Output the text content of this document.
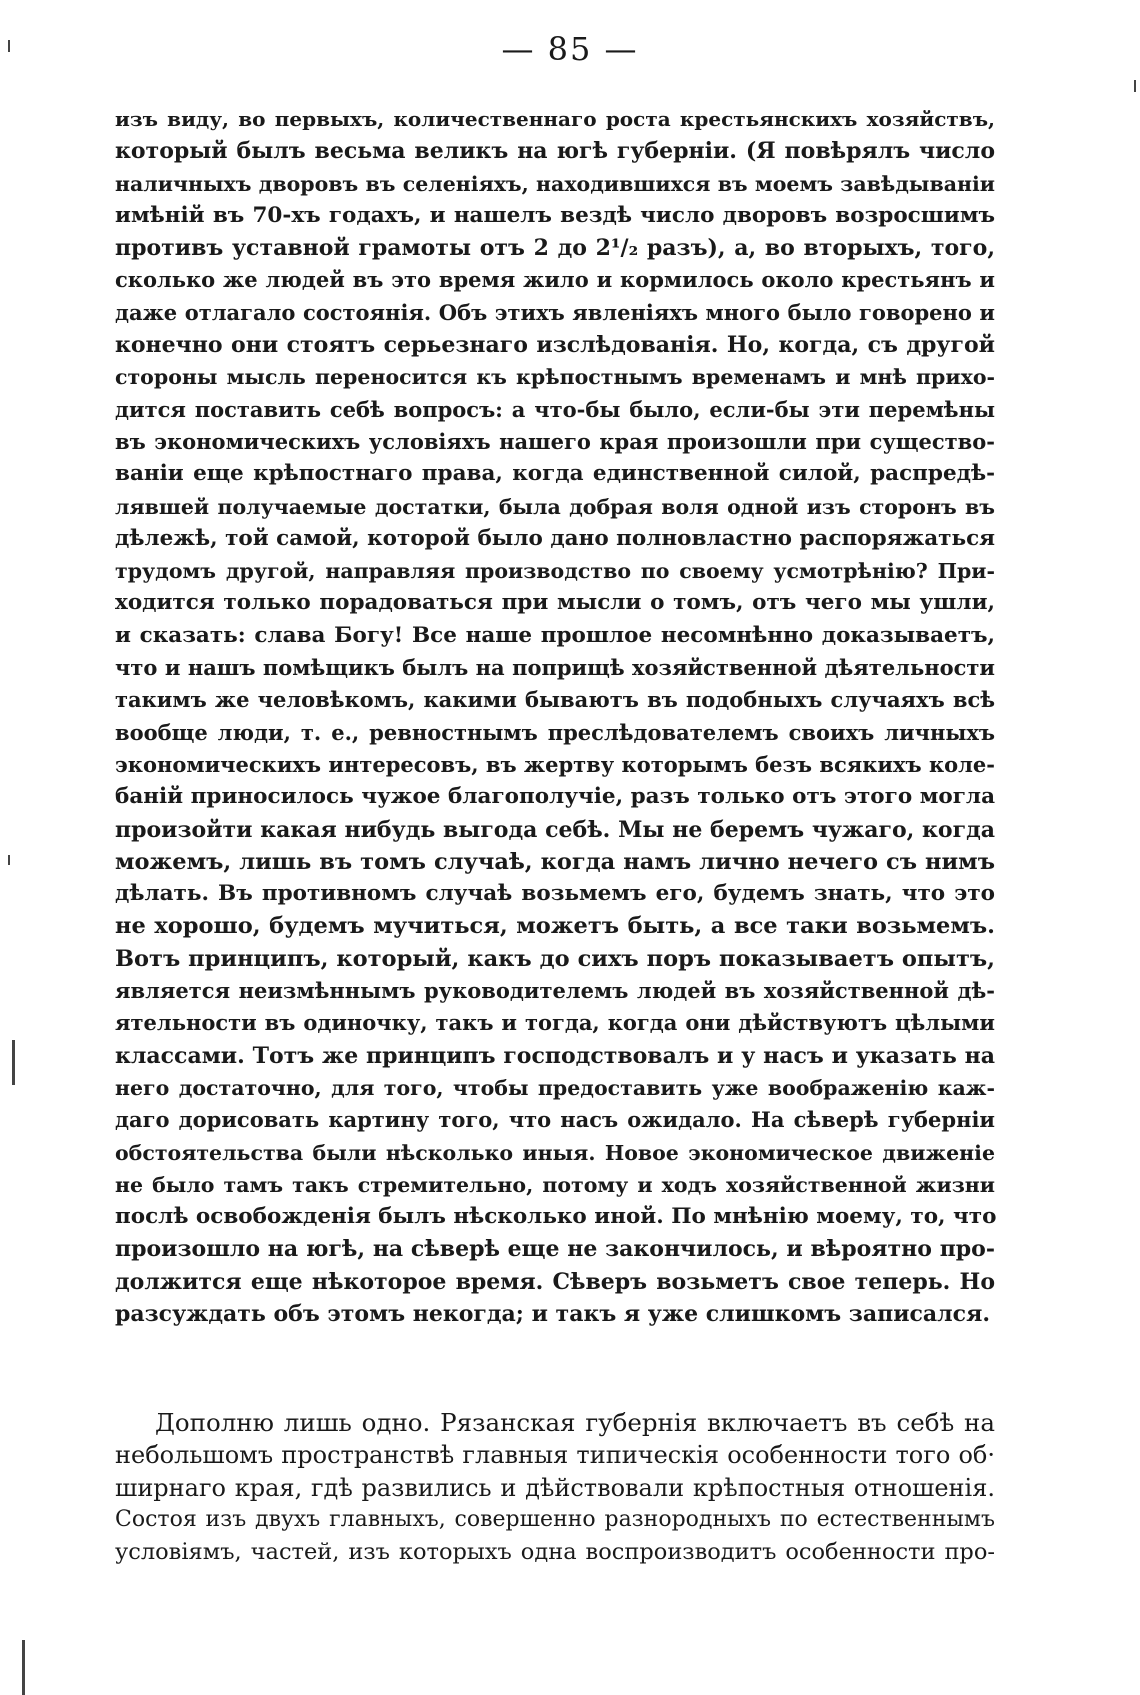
— 85 —
изъ виду, во первыхъ, количественнаго роста крестьянскихъ хозяйствъ,
который былъ весьма великъ на югѣ губерніи. (Я повѣрялъ число
наличныхъ дворовъ въ селеніяхъ, находившихся въ моемъ завѣдываніи
имѣній въ 70-хъ годахъ, и нашелъ вездѣ число дворовъ возросшимъ
противъ уставной грамоты отъ 2 до 2¹/₂ разъ), а, во вторыхъ, того,
сколько же людей въ это время жило и кормилось около крестьянъ и
даже отлагало состоянія. Объ этихъ явленіяхъ много было говорено и
конечно они стоятъ серьезнаго изслѣдованія. Но, когда, съ другой
стороны мысль переносится къ крѣпостнымъ временамъ и мнѣ прихо-
дится поставить себѣ вопросъ: а что-бы было, если-бы эти перемѣны
въ экономическихъ условіяхъ нашего края произошли при существо-
ваніи еще крѣпостнаго права, когда единственной силой, распредѣ-
лявшей получаемые достатки, была добрая воля одной изъ сторонъ въ
дѣлежѣ, той самой, которой было дано полновластно распоряжаться
трудомъ другой, направляя производство по своему усмотрѣнію? При-
ходится только порадоваться при мысли о томъ, отъ чего мы ушли,
и сказать: слава Богу! Все наше прошлое несомнѣнно доказываетъ,
что и нашъ помѣщикъ былъ на поприщѣ хозяйственной дѣятельности
такимъ же человѣкомъ, какими бываютъ въ подобныхъ случаяхъ всѣ
вообще люди, т. е., ревностнымъ преслѣдователемъ своихъ личныхъ
экономическихъ интересовъ, въ жертву которымъ безъ всякихъ коле-
баній приносилось чужое благополучіе, разъ только отъ этого могла
произойти какая нибудь выгода себѣ. Мы не беремъ чужаго, когда
можемъ, лишь въ томъ случаѣ, когда намъ лично нечего съ нимъ
дѣлать. Въ противномъ случаѣ возьмемъ его, будемъ знать, что это
не хорошо, будемъ мучиться, можетъ быть, а все таки возьмемъ.
Вотъ принципъ, который, какъ до сихъ поръ показываетъ опытъ,
является неизмѣннымъ руководителемъ людей въ хозяйственной дѣ-
ятельности въ одиночку, такъ и тогда, когда они дѣйствуютъ цѣлыми
классами. Тотъ же принципъ господствовалъ и у насъ и указать на
него достаточно, для того, чтобы предоставить уже воображенію каж-
даго дорисовать картину того, что насъ ожидало. На сѣверѣ губерніи
обстоятельства были нѣсколько иныя. Новое экономическое движеніе
не было тамъ такъ стремительно, потому и ходъ хозяйственной жизни
послѣ освобожденія былъ нѣсколько иной. По мнѣнію моему, то, что
произошло на югѣ, на сѣверѣ еще не закончилось, и вѣроятно про-
должится еще нѣкоторое время. Сѣверъ возьметъ свое теперь. Но
разсуждать объ этомъ некогда; и такъ я уже слишкомъ записался.
Дополню лишь одно. Рязанская губернія включаетъ въ себѣ на
небольшомъ пространствѣ главныя типическія особенности того об·
ширнаго края, гдѣ развились и дѣйствовали крѣпостныя отношенія.
Состоя изъ двухъ главныхъ, совершенно разнородныхъ по естественнымъ
условіямъ, частей, изъ которыхъ одна воспроизводитъ особенности про-
